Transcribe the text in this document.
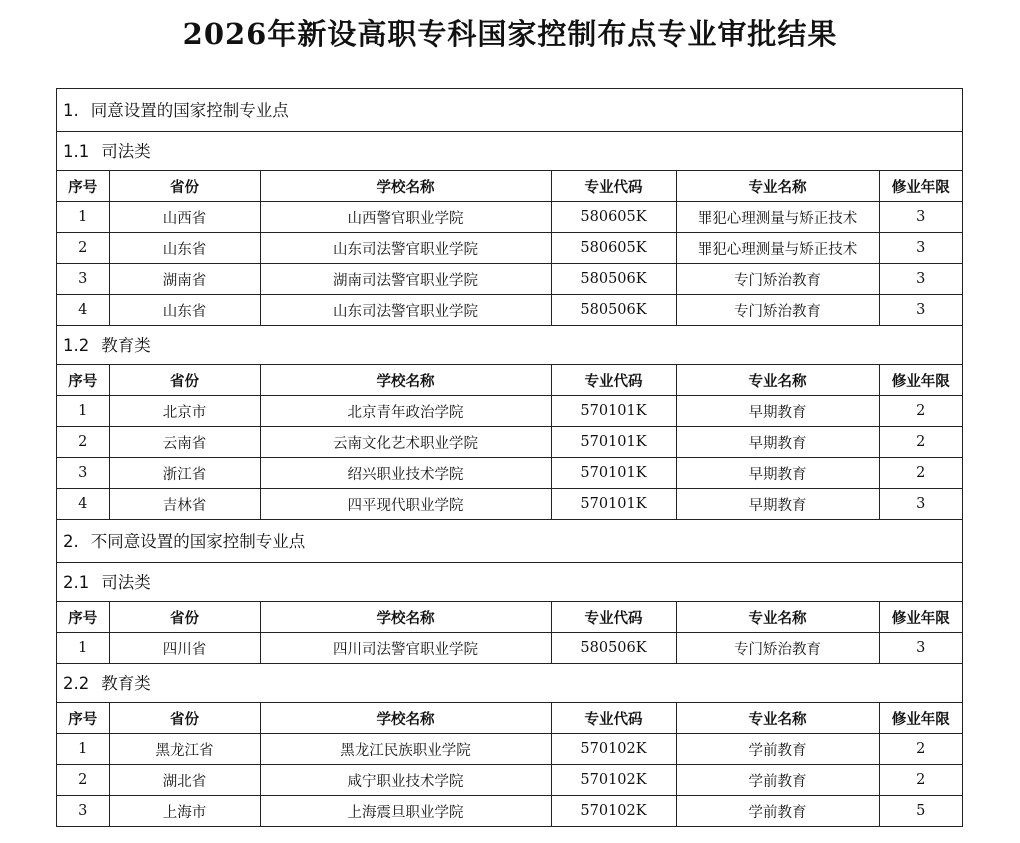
2026年新设高职专科国家控制布点专业审批结果
1. 同意设置的国家控制专业点
1.1 司法类
序号	省份	学校名称	专业代码	专业名称	修业年限
1	山西省	山西警官职业学院	580605K	罪犯心理测量与矫正技术	3
2	山东省	山东司法警官职业学院	580605K	罪犯心理测量与矫正技术	3
3	湖南省	湖南司法警官职业学院	580506K	专门矫治教育	3
4	山东省	山东司法警官职业学院	580506K	专门矫治教育	3
1.2 教育类
序号	省份	学校名称	专业代码	专业名称	修业年限
1	北京市	北京青年政治学院	570101K	早期教育	2
2	云南省	云南文化艺术职业学院	570101K	早期教育	2
3	浙江省	绍兴职业技术学院	570101K	早期教育	2
4	吉林省	四平现代职业学院	570101K	早期教育	3
2. 不同意设置的国家控制专业点
2.1 司法类
序号	省份	学校名称	专业代码	专业名称	修业年限
1	四川省	四川司法警官职业学院	580506K	专门矫治教育	3
2.2 教育类
序号	省份	学校名称	专业代码	专业名称	修业年限
1	黑龙江省	黑龙江民族职业学院	570102K	学前教育	2
2	湖北省	咸宁职业技术学院	570102K	学前教育	2
3	上海市	上海震旦职业学院	570102K	学前教育	5
